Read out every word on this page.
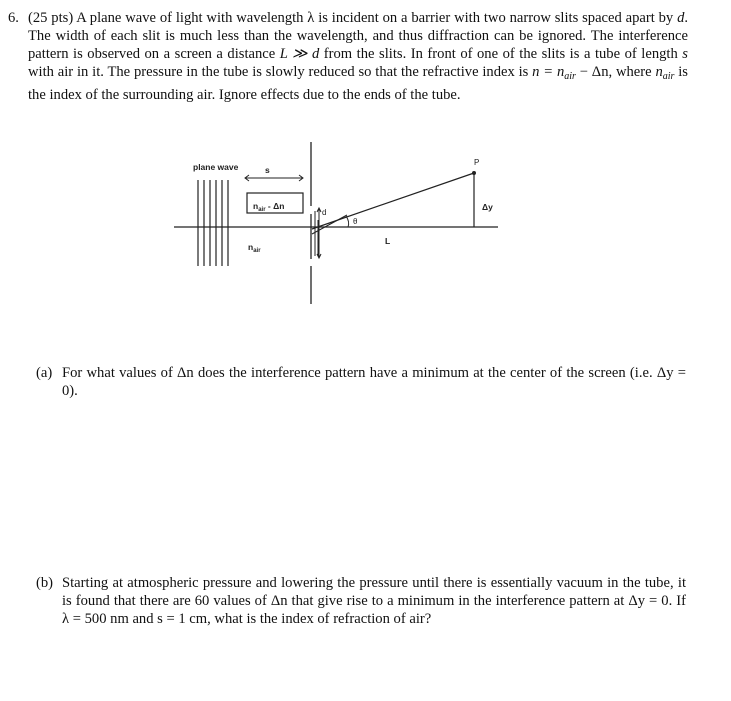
6. (25 pts) A plane wave of light with wavelength λ is incident on a barrier with two narrow slits spaced apart by d. The width of each slit is much less than the wavelength, and thus diffraction can be ignored. The interference pattern is observed on a screen a distance L ≫ d from the slits. In front of one of the slits is a tube of length s with air in it. The pressure in the tube is slowly reduced so that the refractive index is $n = n_{air} - \Delta n$, where $n_{air}$ is the index of the surrounding air. Ignore effects due to the ends of the tube.
plane wave	s
$n_{air}$ - Δn
$n_{air}$
d
θ
L
P
Δy
(a) For what values of Δn does the interference pattern have a minimum at the center of the screen (i.e. Δy = 0).
(b) Starting at atmospheric pressure and lowering the pressure until there is essentially vacuum in the tube, it is found that there are 60 values of Δn that give rise to a minimum in the interference pattern at Δy = 0. If λ = 500 nm and s = 1 cm, what is the index of refraction of air?
